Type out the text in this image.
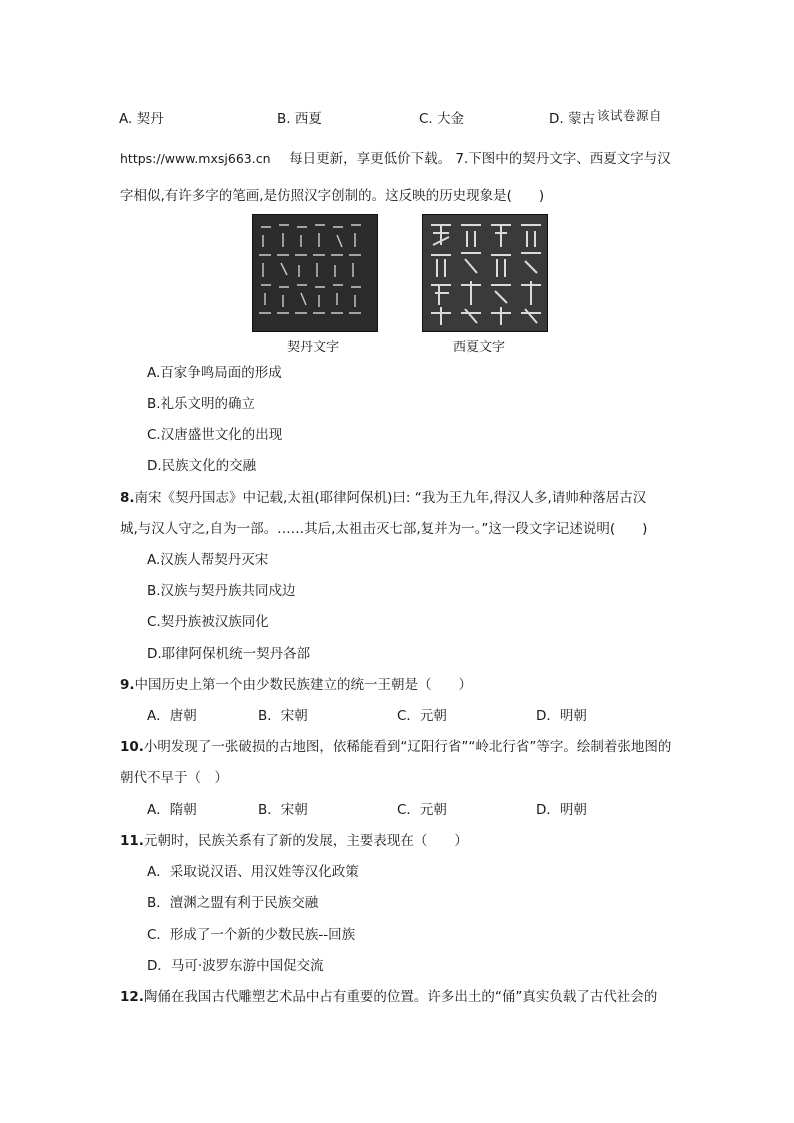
A. 契丹	B. 西夏	C. 大金	D. 蒙古 该试卷源自
https://www.mxsj663.cn 每日更新，享更低价下载。 7.下图中的契丹文字、西夏文字与汉
字相似,有许多字的笔画,是仿照汉字创制的。这反映的历史现象是(　　)
契丹文字	西夏文字
A.百家争鸣局面的形成
B.礼乐文明的确立
C.汉唐盛世文化的出现
D.民族文化的交融
8.南宋《契丹国志》中记载,太祖(耶律阿保机)曰: “我为王九年,得汉人多,请帅种落居古汉
城,与汉人守之,自为一部。……其后,太祖击灭七部,复并为一。”这一段文字记述说明(　　)
A.汉族人帮契丹灭宋
B.汉族与契丹族共同戍边
C.契丹族被汉族同化
D.耶律阿保机统一契丹各部
9.中国历史上第一个由少数民族建立的统一王朝是（　　）
A．唐朝	B．宋朝	C．元朝	D．明朝
10.小明发现了一张破损的古地图，依稀能看到“辽阳行省”“岭北行省”等字。绘制着张地图的
朝代不早于（　）
A．隋朝	B．宋朝	C．元朝	D．明朝
11.元朝时，民族关系有了新的发展，主要表现在（　　）
A．采取说汉语、用汉姓等汉化政策
B．澶渊之盟有利于民族交融
C．形成了一个新的少数民族--回族
D．马可·波罗东游中国促交流
12.陶俑在我国古代雕塑艺术品中占有重要的位置。许多出土的“俑”真实负载了古代社会的
